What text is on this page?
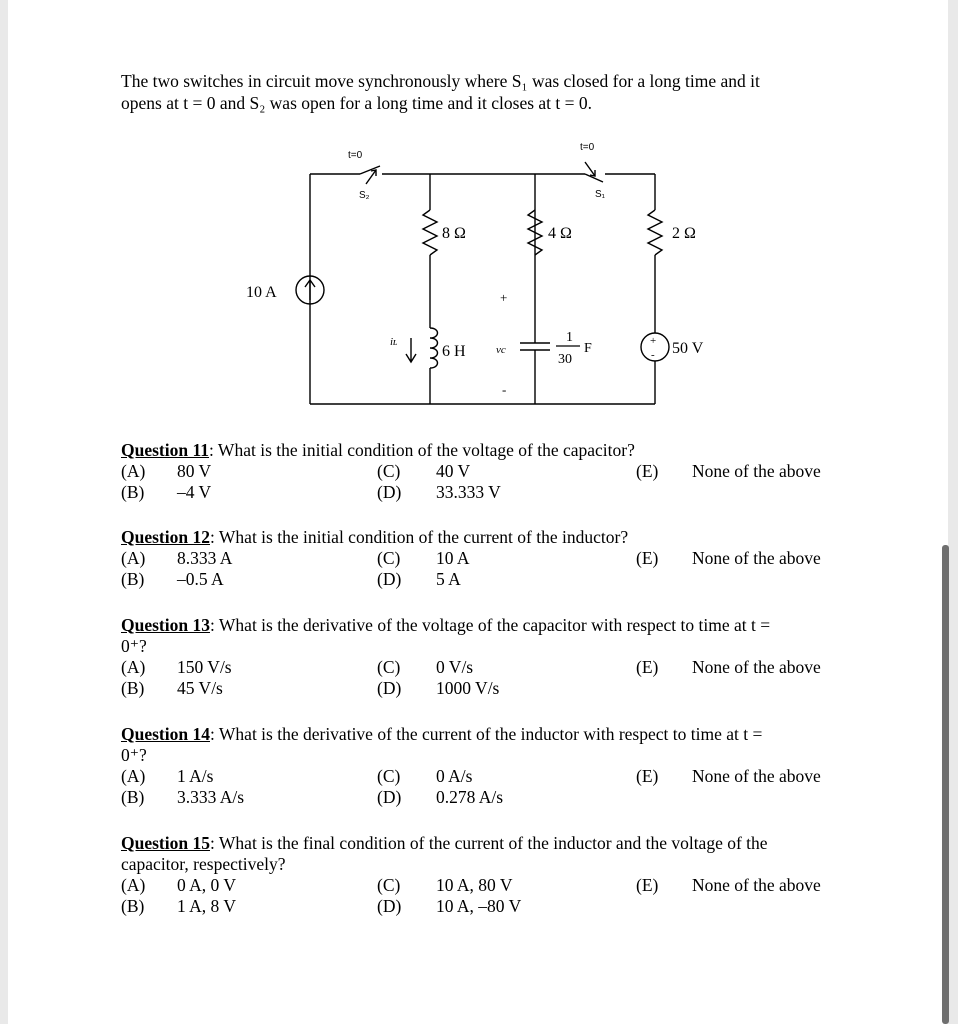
The two switches in circuit move synchronously where S₁ was closed for a long time and it
opens at t = 0 and S₂ was open for a long time and it closes at t = 0.
t=0
S₂
t=0
S₁
10 A
8 Ω	4 Ω	2 Ω
6 H
iʟ
vc
+
-
1
30
F	50 V
+
-
Question 11: What is the initial condition of the voltage of the capacitor?
(A) 80 V
(B) –4 V
(C) 40 V
(D) 33.333 V
(E) None of the above
Question 12: What is the initial condition of the current of the inductor?
(A) 8.333 A
(B) –0.5 A
(C) 10 A
(D) 5 A
(E) None of the above
Question 13: What is the derivative of the voltage of the capacitor with respect to time at t =
0⁺?
(A) 150 V/s
(B) 45 V/s
(C) 0 V/s
(D) 1000 V/s
(E) None of the above
Question 14: What is the derivative of the current of the inductor with respect to time at t =
0⁺?
(A) 1 A/s
(B) 3.333 A/s
(C) 0 A/s
(D) 0.278 A/s
(E) None of the above
Question 15: What is the final condition of the current of the inductor and the voltage of the
capacitor, respectively?
(A) 0 A, 0 V
(B) 1 A, 8 V
(C) 10 A, 80 V
(D) 10 A, –80 V
(E) None of the above
